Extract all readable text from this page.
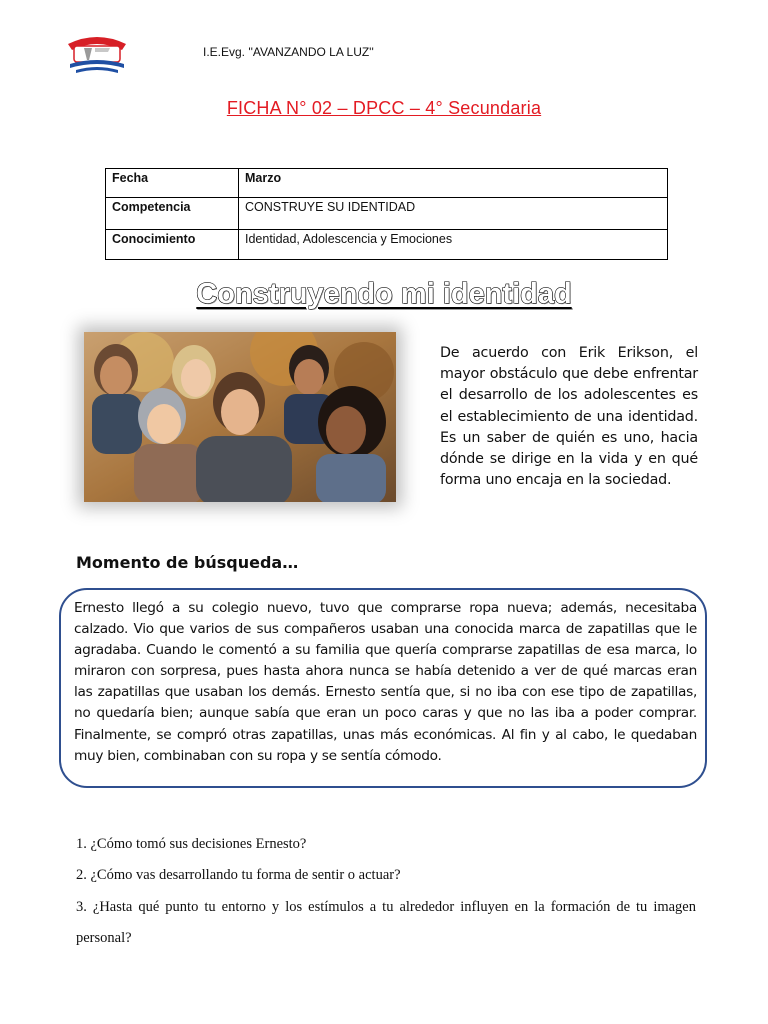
I.E.Evg. ''AVANZANDO LA LUZ''
FICHA N° 02 – DPCC – 4° Secundaria
Fecha	Marzo
Competencia	CONSTRUYE SU IDENTIDAD
Conocimiento	Identidad, Adolescencia y Emociones
Construyendo mi identidad
De acuerdo con Erik Erikson, el mayor obstáculo que debe enfrentar el desarrollo de los adolescentes es el establecimiento de una identidad. Es un saber de quién es uno, hacia dónde se dirige en la vida y en qué forma uno encaja en la sociedad.
Momento de búsqueda…
Ernesto llegó a su colegio nuevo, tuvo que comprarse ropa nueva; además, necesitaba calzado. Vio que varios de sus compañeros usaban una conocida marca de zapatillas que le agradaba. Cuando le comentó a su familia que quería comprarse zapatillas de esa marca, lo miraron con sorpresa, pues hasta ahora nunca se había detenido a ver de qué marcas eran las zapatillas que usaban los demás. Ernesto sentía que, si no iba con ese tipo de zapatillas, no quedaría bien; aunque sabía que eran un poco caras y que no las iba a poder comprar. Finalmente, se compró otras zapatillas, unas más económicas. Al fin y al cabo, le quedaban muy bien, combinaban con su ropa y se sentía cómodo.
1. ¿Cómo tomó sus decisiones Ernesto?
2. ¿Cómo vas desarrollando tu forma de sentir o actuar?
3. ¿Hasta qué punto tu entorno y los estímulos a tu alrededor influyen en la formación de tu imagen personal?
